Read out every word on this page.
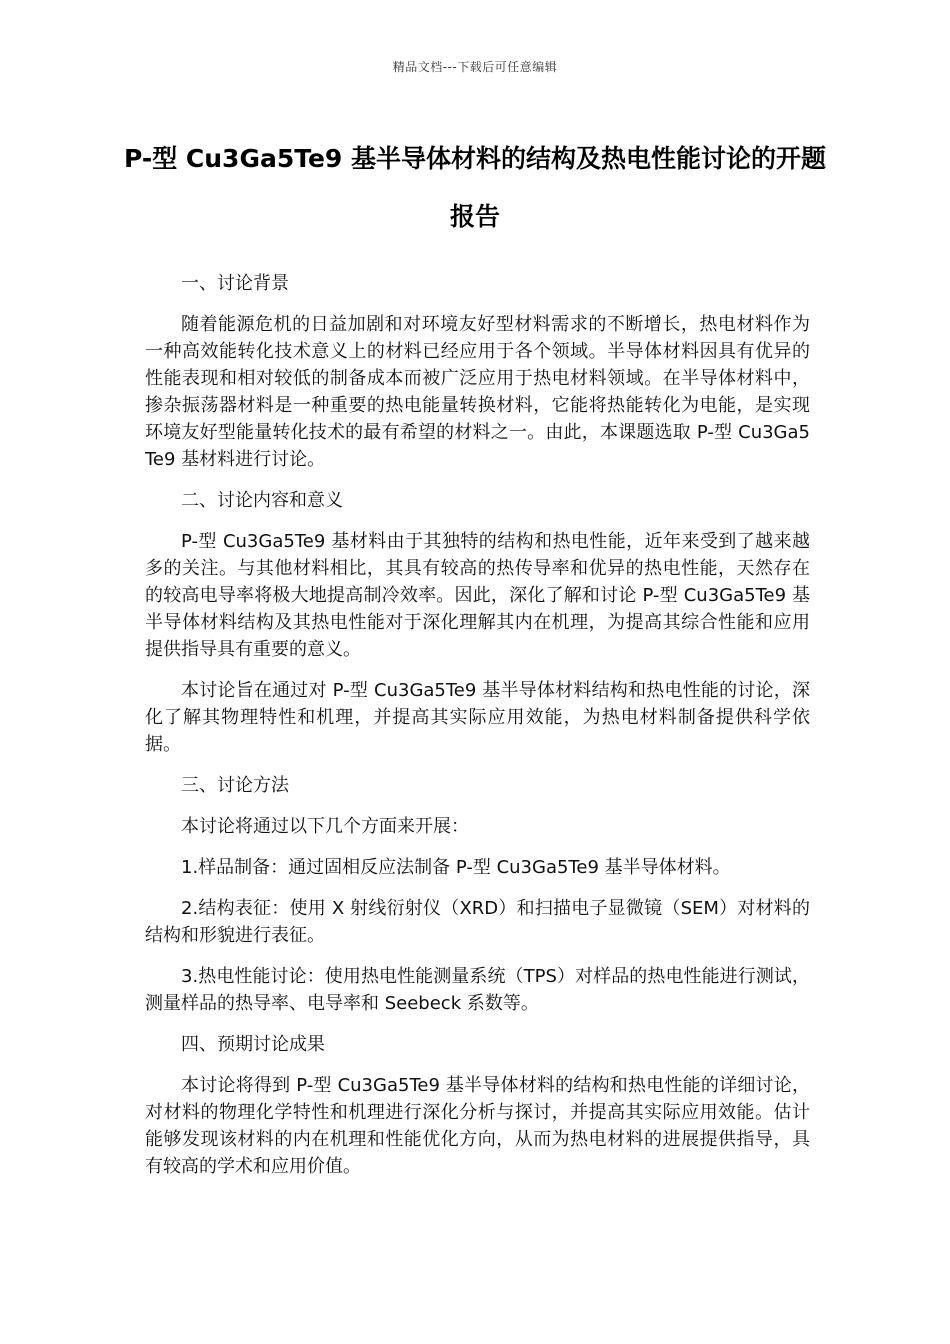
精品文档---下载后可任意编辑
P-型 Cu3Ga5Te9 基半导体材料的结构及热电性能讨论的开题报告

一、讨论背景

随着能源危机的日益加剧和对环境友好型材料需求的不断增长，热电材料作为一种高效能转化技术意义上的材料已经应用于各个领域。半导体材料因具有优异的性能表现和相对较低的制备成本而被广泛应用于热电材料领域。在半导体材料中，掺杂振荡器材料是一种重要的热电能量转换材料，它能将热能转化为电能，是实现环境友好型能量转化技术的最有希望的材料之一。由此，本课题选取 P-型 Cu3Ga5Te9 基材料进行讨论。

二、讨论内容和意义

P-型 Cu3Ga5Te9 基材料由于其独特的结构和热电性能，近年来受到了越来越多的关注。与其他材料相比，其具有较高的热传导率和优异的热电性能，天然存在的较高电导率将极大地提高制冷效率。因此，深化了解和讨论 P-型 Cu3Ga5Te9 基半导体材料结构及其热电性能对于深化理解其内在机理，为提高其综合性能和应用提供指导具有重要的意义。

本讨论旨在通过对 P-型 Cu3Ga5Te9 基半导体材料结构和热电性能的讨论，深化了解其物理特性和机理，并提高其实际应用效能，为热电材料制备提供科学依据。

三、讨论方法

本讨论将通过以下几个方面来开展：

1.样品制备：通过固相反应法制备 P-型 Cu3Ga5Te9 基半导体材料。

2.结构表征：使用 X 射线衍射仪（XRD）和扫描电子显微镜（SEM）对材料的结构和形貌进行表征。

3.热电性能讨论：使用热电性能测量系统（TPS）对样品的热电性能进行测试，测量样品的热导率、电导率和 Seebeck 系数等。

四、预期讨论成果

本讨论将得到 P-型 Cu3Ga5Te9 基半导体材料的结构和热电性能的详细讨论，对材料的物理化学特性和机理进行深化分析与探讨，并提高其实际应用效能。估计能够发现该材料的内在机理和性能优化方向，从而为热电材料的进展提供指导，具有较高的学术和应用价值。
